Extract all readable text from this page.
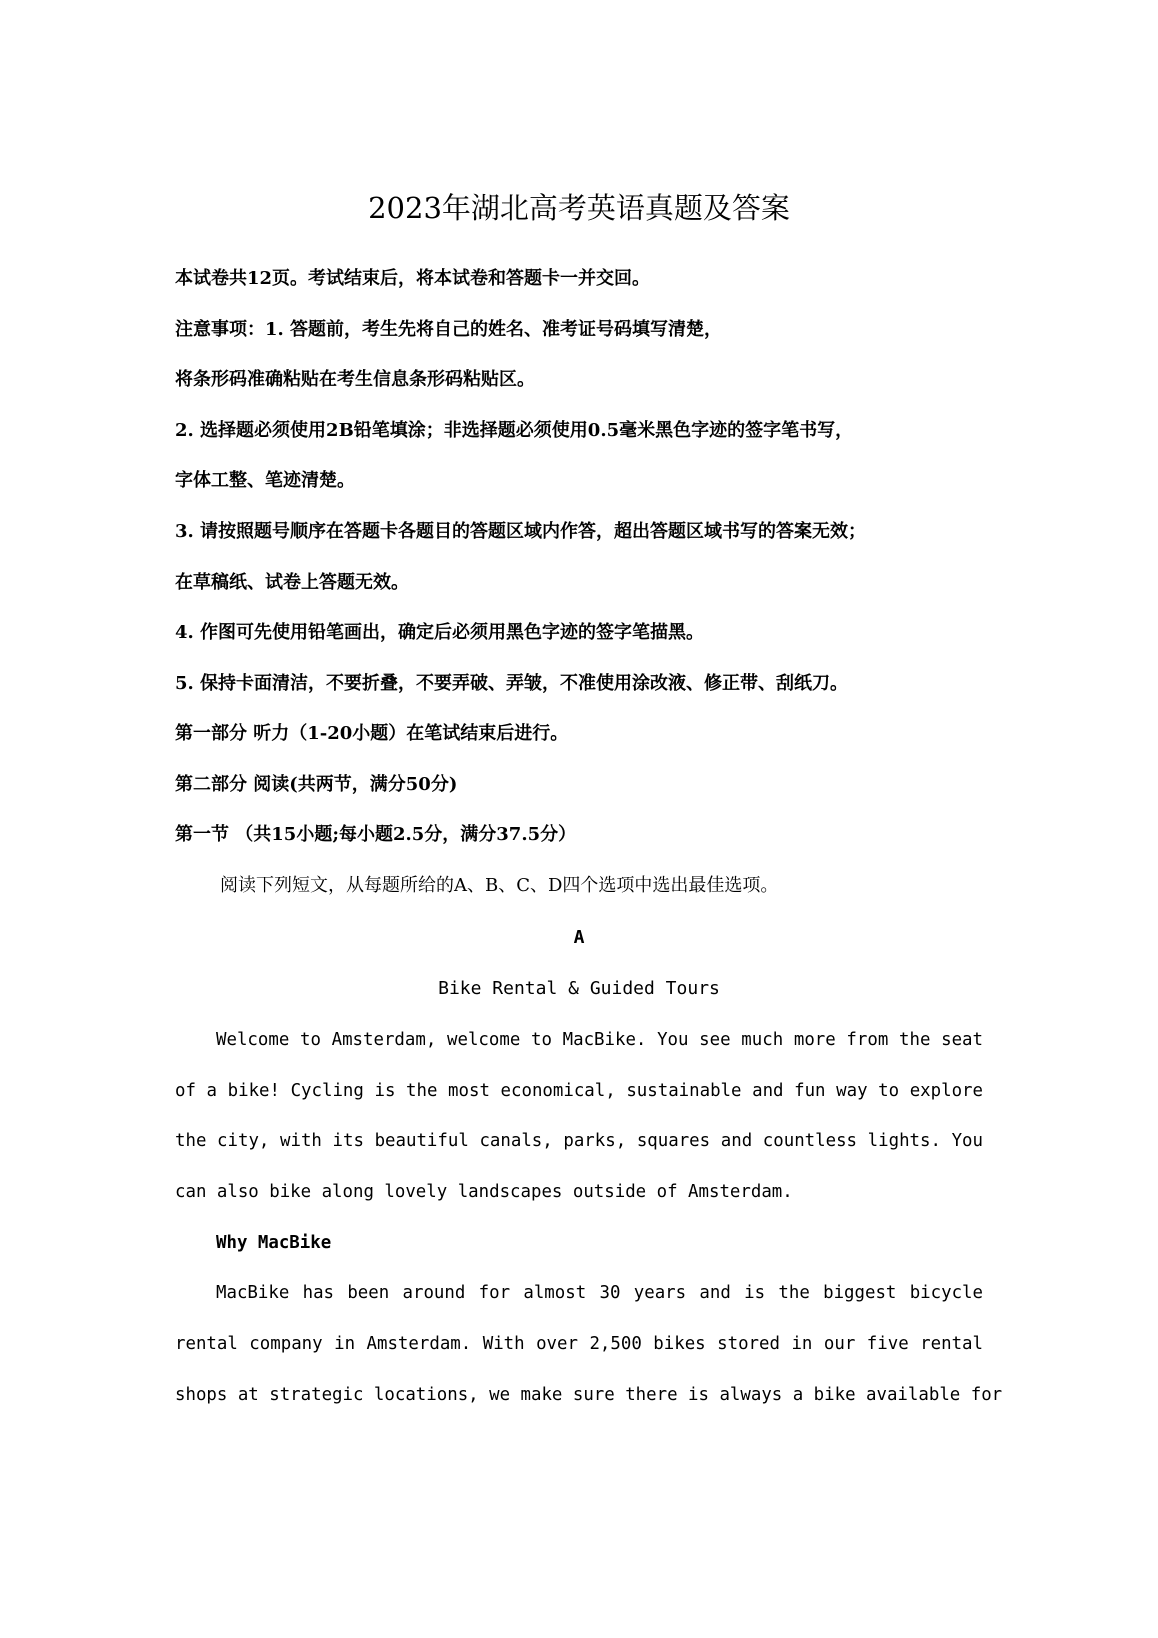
2023年湖北高考英语真题及答案
本试卷共12页。考试结束后，将本试卷和答题卡一并交回。
注意事项：1. 答题前，考生先将自己的姓名、准考证号码填写清楚，
将条形码准确粘贴在考生信息条形码粘贴区。
2. 选择题必须使用2B铅笔填涂；非选择题必须使用0.5毫米黑色字迹的签字笔书写，
字体工整、笔迹清楚。
3. 请按照题号顺序在答题卡各题目的答题区域内作答，超出答题区域书写的答案无效；
在草稿纸、试卷上答题无效。
4. 作图可先使用铅笔画出，确定后必须用黑色字迹的签字笔描黑。
5. 保持卡面清洁，不要折叠，不要弄破、弄皱，不准使用涂改液、修正带、刮纸刀。
第一部分 听力（1-20小题）在笔试结束后进行。
第二部分 阅读(共两节，满分50分)
第一节 （共15小题;每小题2.5分，满分37.5分）
阅读下列短文，从每题所给的A、B、C、D四个选项中选出最佳选项。
A
Bike Rental & Guided Tours
Welcome to Amsterdam, welcome to MacBike. You see much more from the seat
of a bike! Cycling is the most economical, sustainable and fun way to explore
the city, with its beautiful canals, parks, squares and countless lights. You
can also bike along lovely landscapes outside of Amsterdam.
Why MacBike
MacBike has been around for almost 30 years and is the biggest bicycle
rental company in Amsterdam. With over 2,500 bikes stored in our five rental
shops at strategic locations, we make sure there is always a bike available for
